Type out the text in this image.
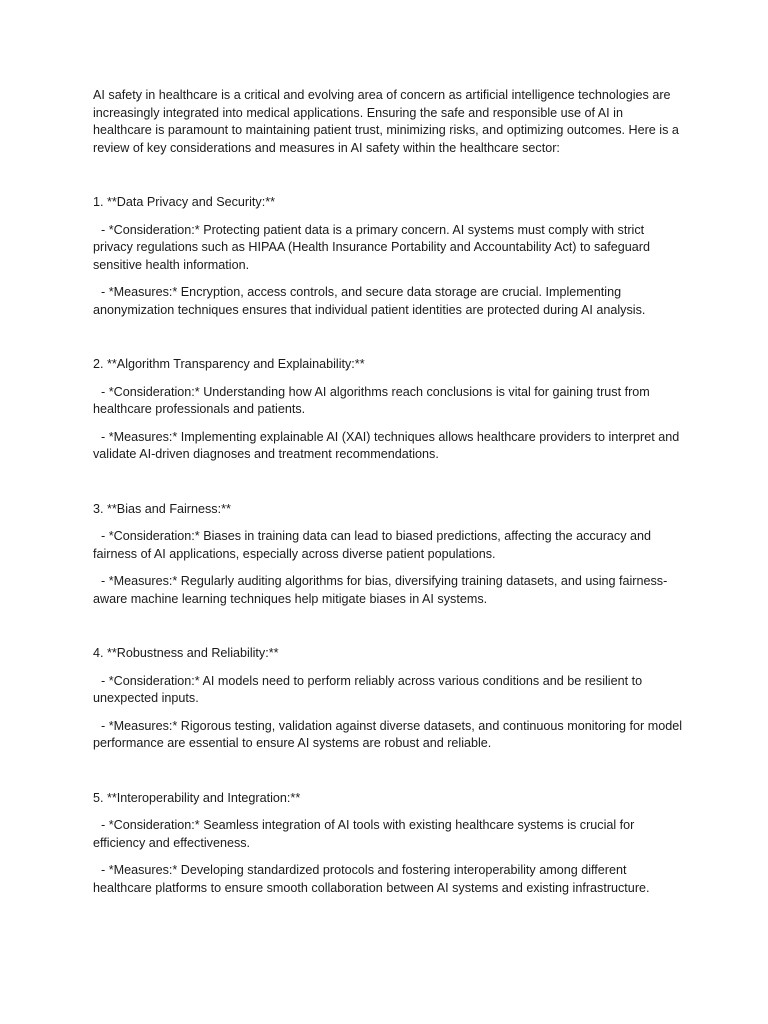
AI safety in healthcare is a critical and evolving area of concern as artificial intelligence technologies are increasingly integrated into medical applications. Ensuring the safe and responsible use of AI in healthcare is paramount to maintaining patient trust, minimizing risks, and optimizing outcomes. Here is a review of key considerations and measures in AI safety within the healthcare sector:

1. **Data Privacy and Security:**

- *Consideration:* Protecting patient data is a primary concern. AI systems must comply with strict privacy regulations such as HIPAA (Health Insurance Portability and Accountability Act) to safeguard sensitive health information.

- *Measures:* Encryption, access controls, and secure data storage are crucial. Implementing anonymization techniques ensures that individual patient identities are protected during AI analysis.

2. **Algorithm Transparency and Explainability:**

- *Consideration:* Understanding how AI algorithms reach conclusions is vital for gaining trust from healthcare professionals and patients.

- *Measures:* Implementing explainable AI (XAI) techniques allows healthcare providers to interpret and validate AI-driven diagnoses and treatment recommendations.

3. **Bias and Fairness:**

- *Consideration:* Biases in training data can lead to biased predictions, affecting the accuracy and fairness of AI applications, especially across diverse patient populations.

- *Measures:* Regularly auditing algorithms for bias, diversifying training datasets, and using fairness-aware machine learning techniques help mitigate biases in AI systems.

4. **Robustness and Reliability:**

- *Consideration:* AI models need to perform reliably across various conditions and be resilient to unexpected inputs.

- *Measures:* Rigorous testing, validation against diverse datasets, and continuous monitoring for model performance are essential to ensure AI systems are robust and reliable.

5. **Interoperability and Integration:**

- *Consideration:* Seamless integration of AI tools with existing healthcare systems is crucial for efficiency and effectiveness.

- *Measures:* Developing standardized protocols and fostering interoperability among different healthcare platforms to ensure smooth collaboration between AI systems and existing infrastructure.
